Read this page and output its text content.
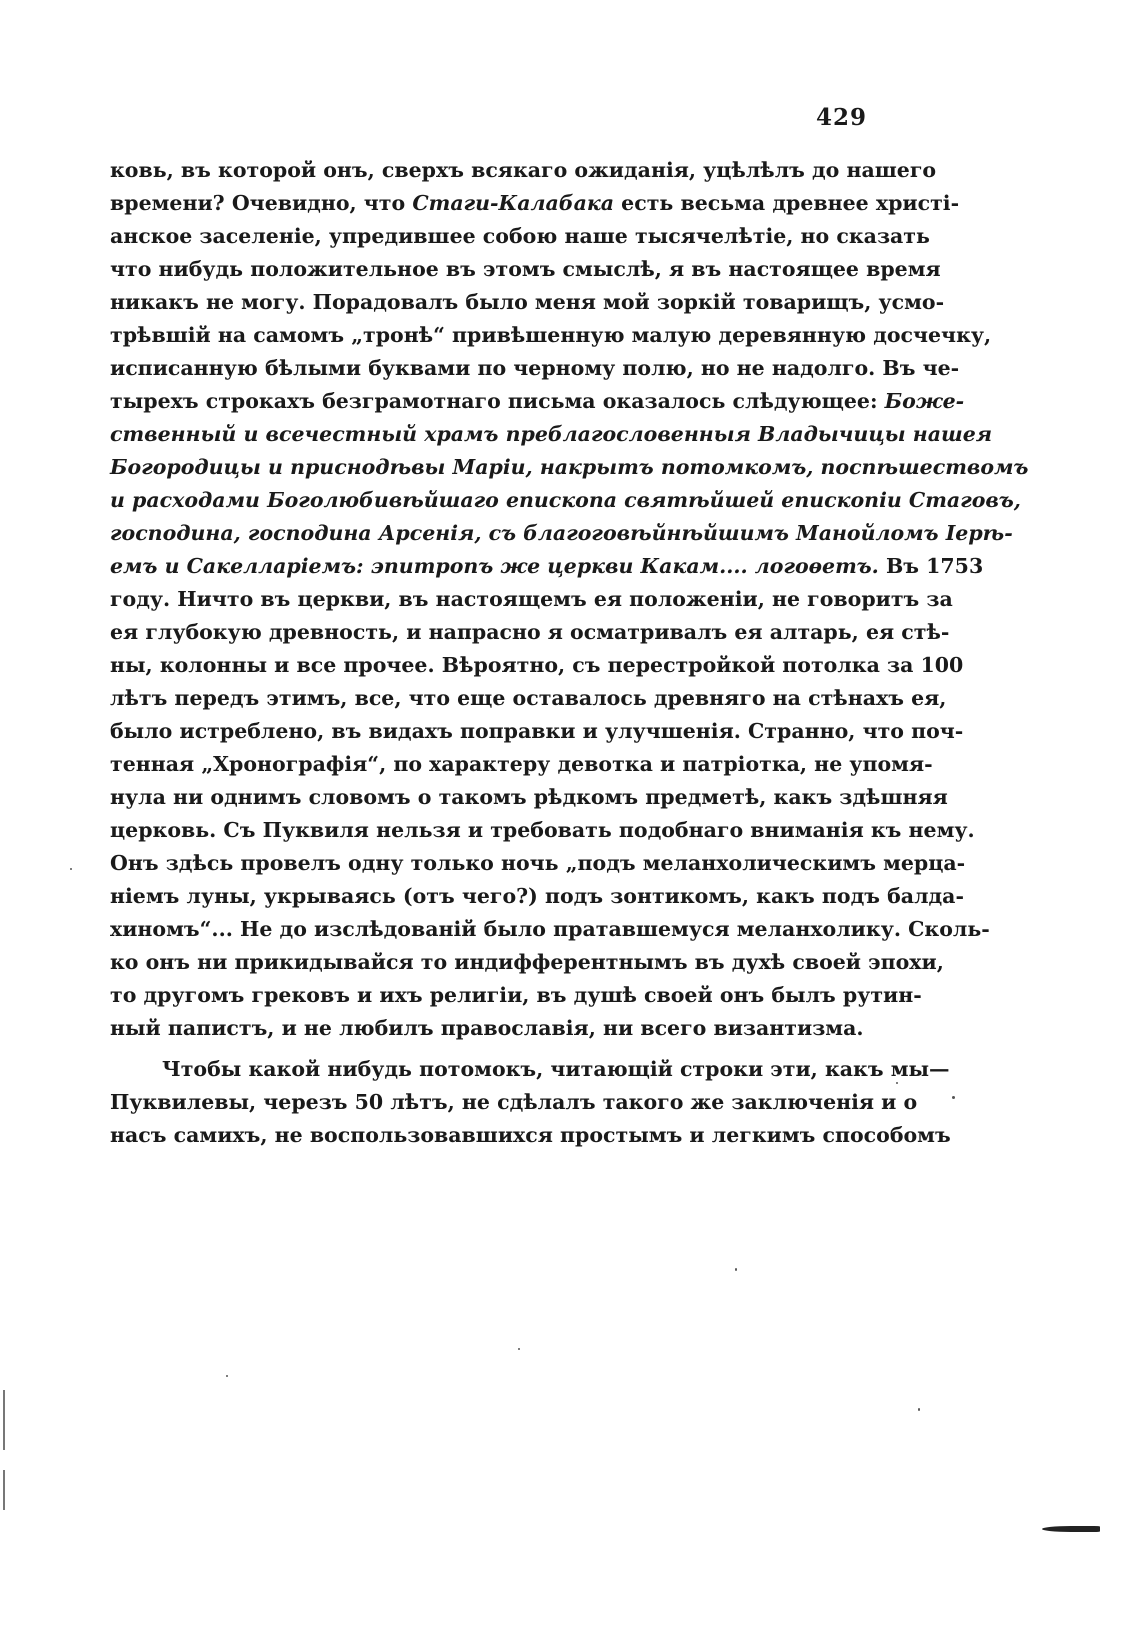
429
ковь, въ которой онъ, сверхъ всякаго ожиданія, уцѣлѣлъ до нашего
времени? Очевидно, что Стаги-Калабака есть весьма древнее христі-
анское заселеніе, упредившее собою наше тысячелѣтіе, но сказать
что нибудь положительное въ этомъ смыслѣ, я въ настоящее время
никакъ не могу. Порадовалъ было меня мой зоркій товарищъ, усмо-
трѣвшій на самомъ „тронѣ“ привѣшенную малую деревянную досчечку,
исписанную бѣлыми буквами по черному полю, но не надолго. Въ че-
тырехъ строкахъ безграмотнаго письма оказалось слѣдующее: Боже-
ственный и всечестный храмъ преблагословенныя Владычицы нашея
Богородицы и приснодѣвы Маріи, накрытъ потомкомъ, поспѣшествомъ
и расходами Боголюбивѣйшаго епископа святѣйшей епископіи Стаговъ,
господина, господина Арсенія, съ благоговѣйнѣйшимъ Манойломъ Іерѣ-
емъ и Сакелларіемъ: эпитропъ же церкви Какам.... логоѳетъ. Въ 1753
году. Ничто въ церкви, въ настоящемъ ея положеніи, не говоритъ за
ея глубокую древность, и напрасно я осматривалъ ея алтарь, ея стѣ-
ны, колонны и все прочее. Вѣроятно, съ перестройкой потолка за 100
лѣтъ передъ этимъ, все, что еще оставалось древняго на стѣнахъ ея,
было истреблено, въ видахъ поправки и улучшенія. Странно, что поч-
тенная „Хронографія“, по характеру девотка и патріотка, не упомя-
нула ни однимъ словомъ о такомъ рѣдкомъ предметѣ, какъ здѣшняя
церковь. Съ Пуквиля нельзя и требовать подобнаго вниманія къ нему.
Онъ здѣсь провелъ одну только ночь „подъ меланхолическимъ мерца-
ніемъ луны, укрываясь (отъ чего?) подъ зонтикомъ, какъ подъ балда-
хиномъ“... Не до изслѣдованій было пратавшемуся меланхолику. Сколь-
ко онъ ни прикидывайся то индифферентнымъ въ духѣ своей эпохи,
то другомъ грековъ и ихъ религіи, въ душѣ своей онъ былъ рутин-
ный папистъ, и не любилъ православія, ни всего византизма.
Чтобы какой нибудь потомокъ, читающій строки эти, какъ мы—
Пуквилевы, черезъ 50 лѣтъ, не сдѣлалъ такого же заключенія и о
насъ самихъ, не воспользовавшихся простымъ и легкимъ способомъ
